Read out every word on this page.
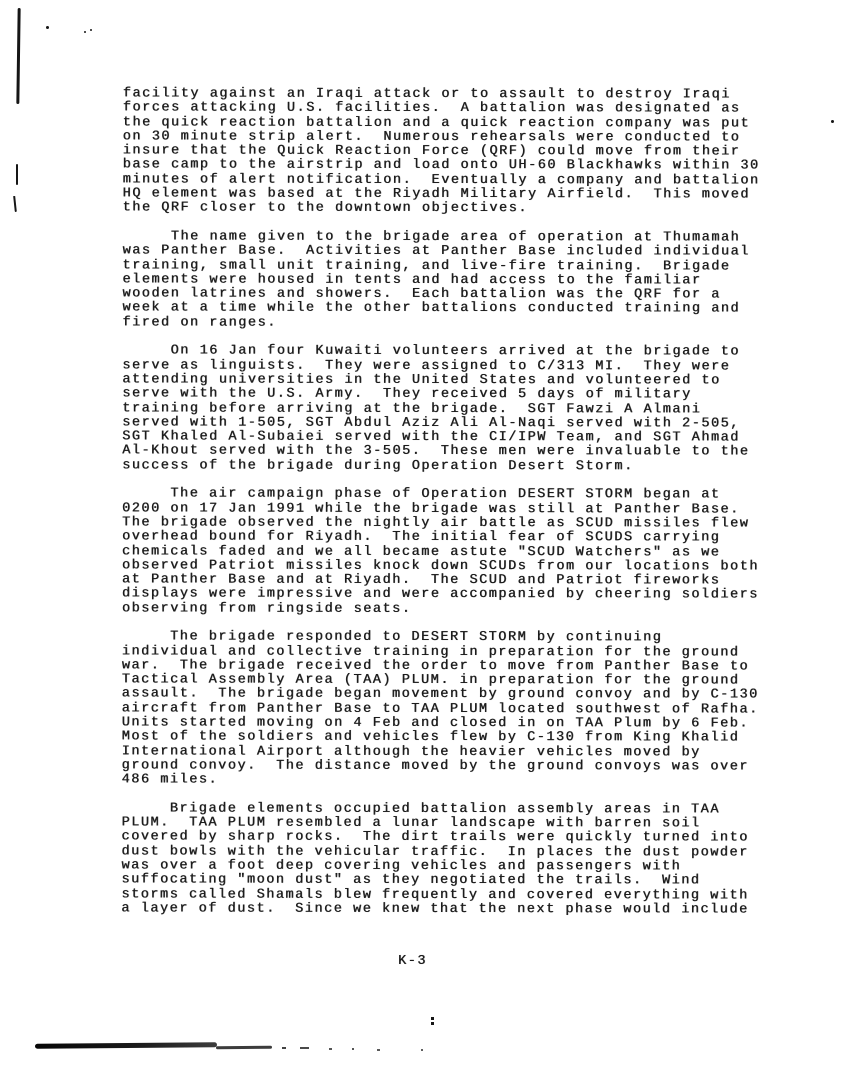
facility against an Iraqi attack or to assault to destroy Iraqi
forces attacking U.S. facilities.  A battalion was designated as
the quick reaction battalion and a quick reaction company was put
on 30 minute strip alert.  Numerous rehearsals were conducted to
insure that the Quick Reaction Force (QRF) could move from their
base camp to the airstrip and load onto UH-60 Blackhawks within 30
minutes of alert notification.  Eventually a company and battalion
HQ element was based at the Riyadh Military Airfield.  This moved
the QRF closer to the downtown objectives.

The name given to the brigade area of operation at Thumamah
was Panther Base.  Activities at Panther Base included individual
training, small unit training, and live-fire training.  Brigade
elements were housed in tents and had access to the familiar
wooden latrines and showers.  Each battalion was the QRF for a
week at a time while the other battalions conducted training and
fired on ranges.

On 16 Jan four Kuwaiti volunteers arrived at the brigade to
serve as linguists.  They were assigned to C/313 MI.  They were
attending universities in the United States and volunteered to
serve with the U.S. Army.  They received 5 days of military
training before arriving at the brigade.  SGT Fawzi A Almani
served with 1-505, SGT Abdul Aziz Ali Al-Naqi served with 2-505,
SGT Khaled Al-Subaiei served with the CI/IPW Team, and SGT Ahmad
Al-Khout served with the 3-505.  These men were invaluable to the
success of the brigade during Operation Desert Storm.

The air campaign phase of Operation DESERT STORM began at
0200 on 17 Jan 1991 while the brigade was still at Panther Base.
The brigade observed the nightly air battle as SCUD missiles flew
overhead bound for Riyadh.  The initial fear of SCUDS carrying
chemicals faded and we all became astute "SCUD Watchers" as we
observed Patriot missiles knock down SCUDs from our locations both
at Panther Base and at Riyadh.  The SCUD and Patriot fireworks
displays were impressive and were accompanied by cheering soldiers
observing from ringside seats.

The brigade responded to DESERT STORM by continuing
individual and collective training in preparation for the ground
war.  The brigade received the order to move from Panther Base to
Tactical Assembly Area (TAA) PLUM. in preparation for the ground
assault.  The brigade began movement by ground convoy and by C-130
aircraft from Panther Base to TAA PLUM located southwest of Rafha.
Units started moving on 4 Feb and closed in on TAA Plum by 6 Feb.
Most of the soldiers and vehicles flew by C-130 from King Khalid
International Airport although the heavier vehicles moved by
ground convoy.  The distance moved by the ground convoys was over
486 miles.

Brigade elements occupied battalion assembly areas in TAA
PLUM.  TAA PLUM resembled a lunar landscape with barren soil
covered by sharp rocks.  The dirt trails were quickly turned into
dust bowls with the vehicular traffic.  In places the dust powder
was over a foot deep covering vehicles and passengers with
suffocating "moon dust" as they negotiated the trails.  Wind
storms called Shamals blew frequently and covered everything with
a layer of dust.  Since we knew that the next phase would include

K-3
